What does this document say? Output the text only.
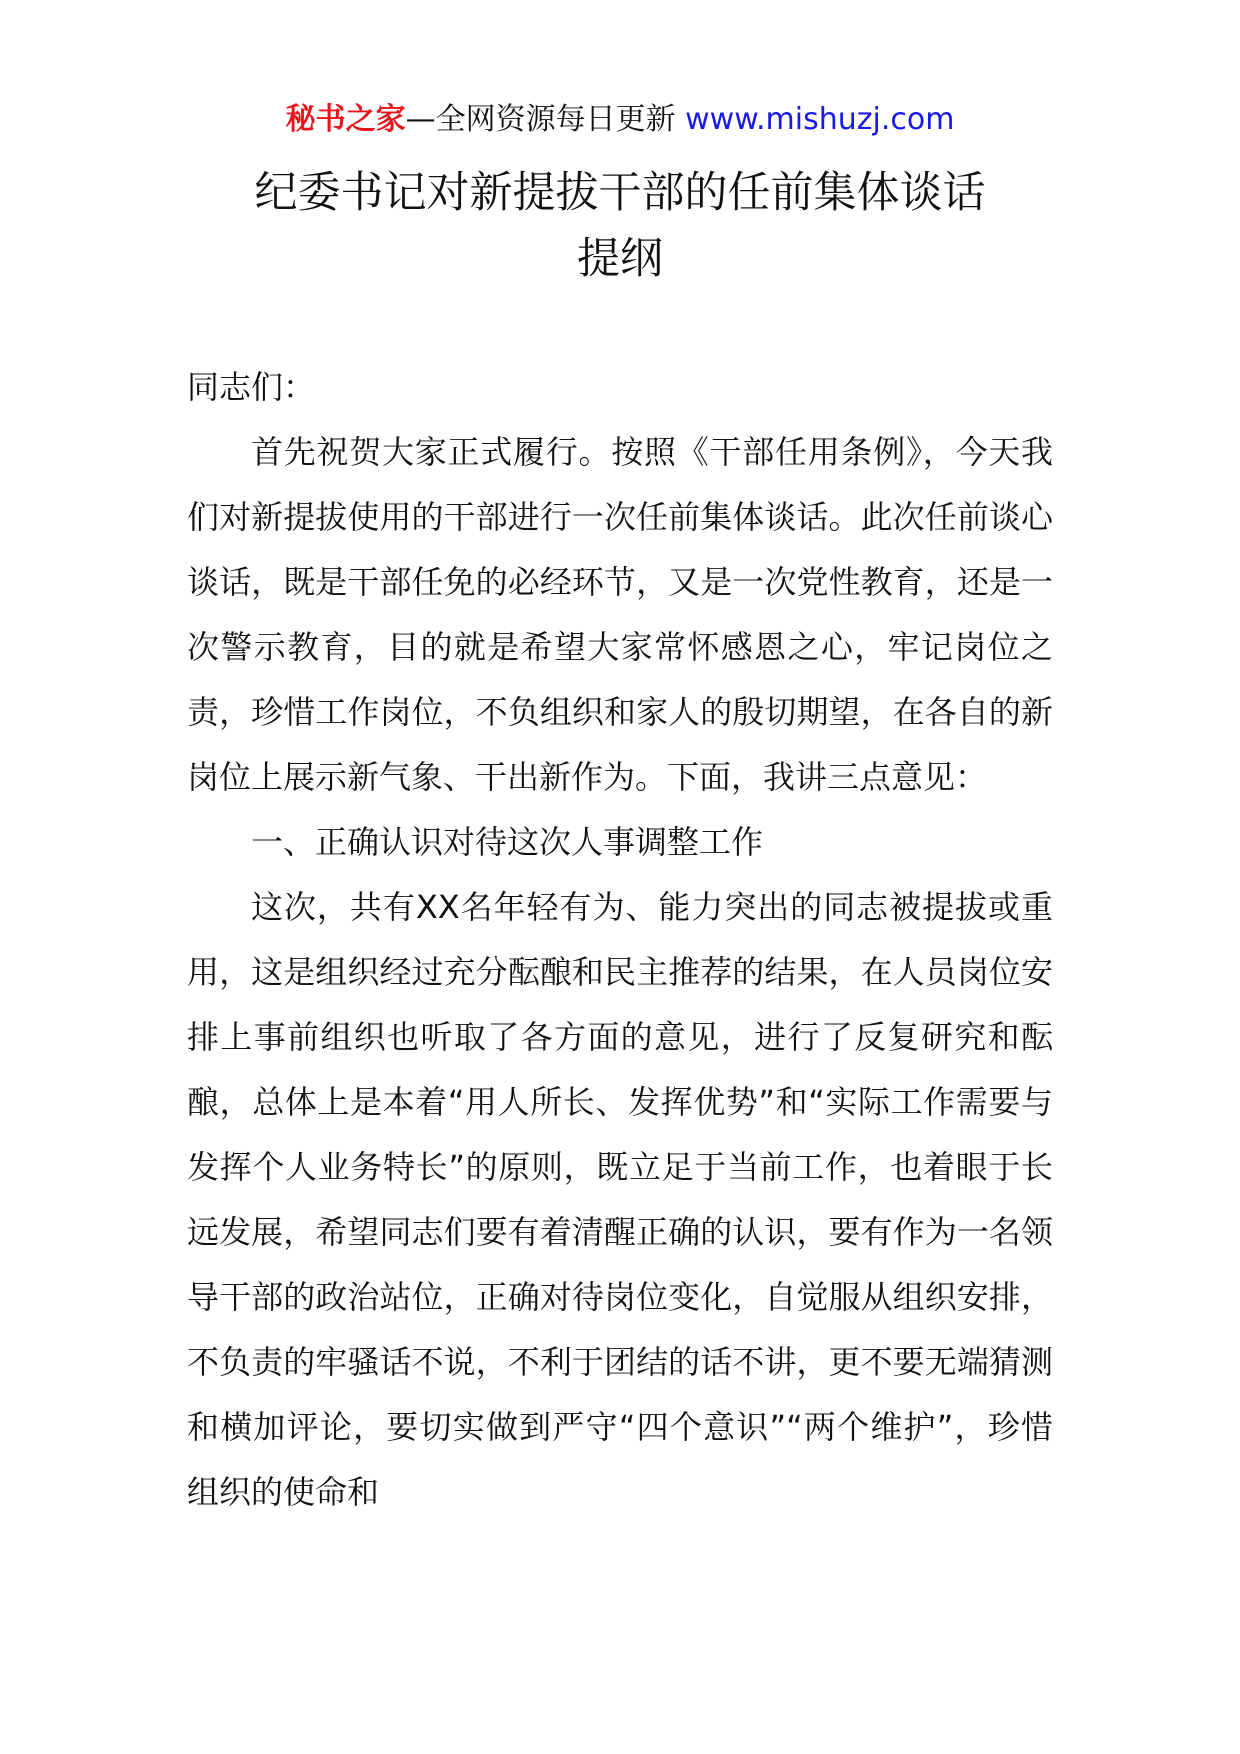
秘书之家—全网资源每日更新 www.mishuzj.com
纪委书记对新提拔干部的任前集体谈话
提纲

同志们：

首先祝贺大家正式履行。按照《干部任用条例》，今天我们对新提拔使用的干部进行一次任前集体谈话。此次任前谈心谈话，既是干部任免的必经环节，又是一次党性教育，还是一次警示教育，目的就是希望大家常怀感恩之心，牢记岗位之责，珍惜工作岗位，不负组织和家人的殷切期望，在各自的新岗位上展示新气象、干出新作为。下面，我讲三点意见：

一、正确认识对待这次人事调整工作

这次，共有XX名年轻有为、能力突出的同志被提拔或重用，这是组织经过充分酝酿和民主推荐的结果，在人员岗位安排上事前组织也听取了各方面的意见，进行了反复研究和酝酿，总体上是本着“用人所长、发挥优势”和“实际工作需要与发挥个人业务特长”的原则，既立足于当前工作，也着眼于长远发展，希望同志们要有着清醒正确的认识，要有作为一名领导干部的政治站位，正确对待岗位变化，自觉服从组织安排，不负责的牢骚话不说，不利于团结的话不讲，更不要无端猜测和横加评论，要切实做到严守“四个意识”“两个维护”，珍惜组织的使命和
